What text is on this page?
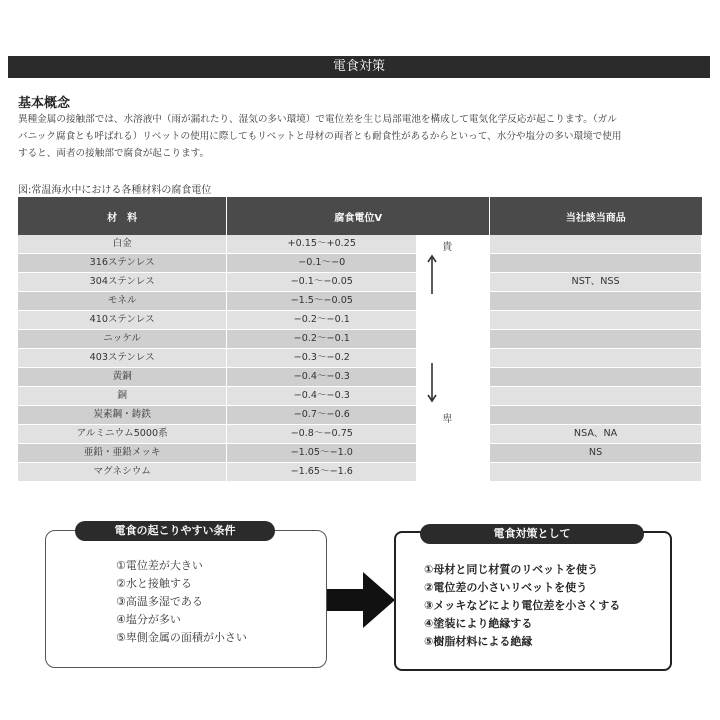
電食対策
基本概念
異種金属の接触部では、水溶液中（雨が漏れたり、湿気の多い環境）で電位差を生じ局部電池を構成して電気化学反応が起こります。（ガル
バニック腐食とも呼ばれる）リベットの使用に際してもリベットと母材の両者とも耐食性があるからといって、水分や塩分の多い環境で使用
すると、両者の接触部で腐食が起こります。
図:常温海水中における各種材料の腐食電位
材　料	腐食電位V		当社該当商品
白金	+0.15〜+0.25	貴
卑	

316ステンレス	−0.1〜−0		
304ステンレス	−0.1〜−0.05		NST、NSS
モネル	−1.5〜−0.05		
410ステンレス	−0.2〜−0.1		
ニッケル	−0.2〜−0.1		
403ステンレス	−0.3〜−0.2		
黄銅	−0.4〜−0.3		
銅	−0.4〜−0.3		
炭素鋼・鋳鉄	−0.7〜−0.6		
アルミニウム5000系	−0.8〜−0.75		NSA、NA
亜鉛・亜鉛メッキ	−1.05〜−1.0		NS
マグネシウム	−1.65〜−1.6		
①電位差が大きい
②水と接触する
③高温多湿である
④塩分が多い
⑤卑側金属の面積が小さい
電食の起こりやすい条件
①母材と同じ材質のリベットを使う
②電位差の小さいリベットを使う
③メッキなどにより電位差を小さくする
④塗装により絶縁する
⑤樹脂材料による絶縁
電食対策として
